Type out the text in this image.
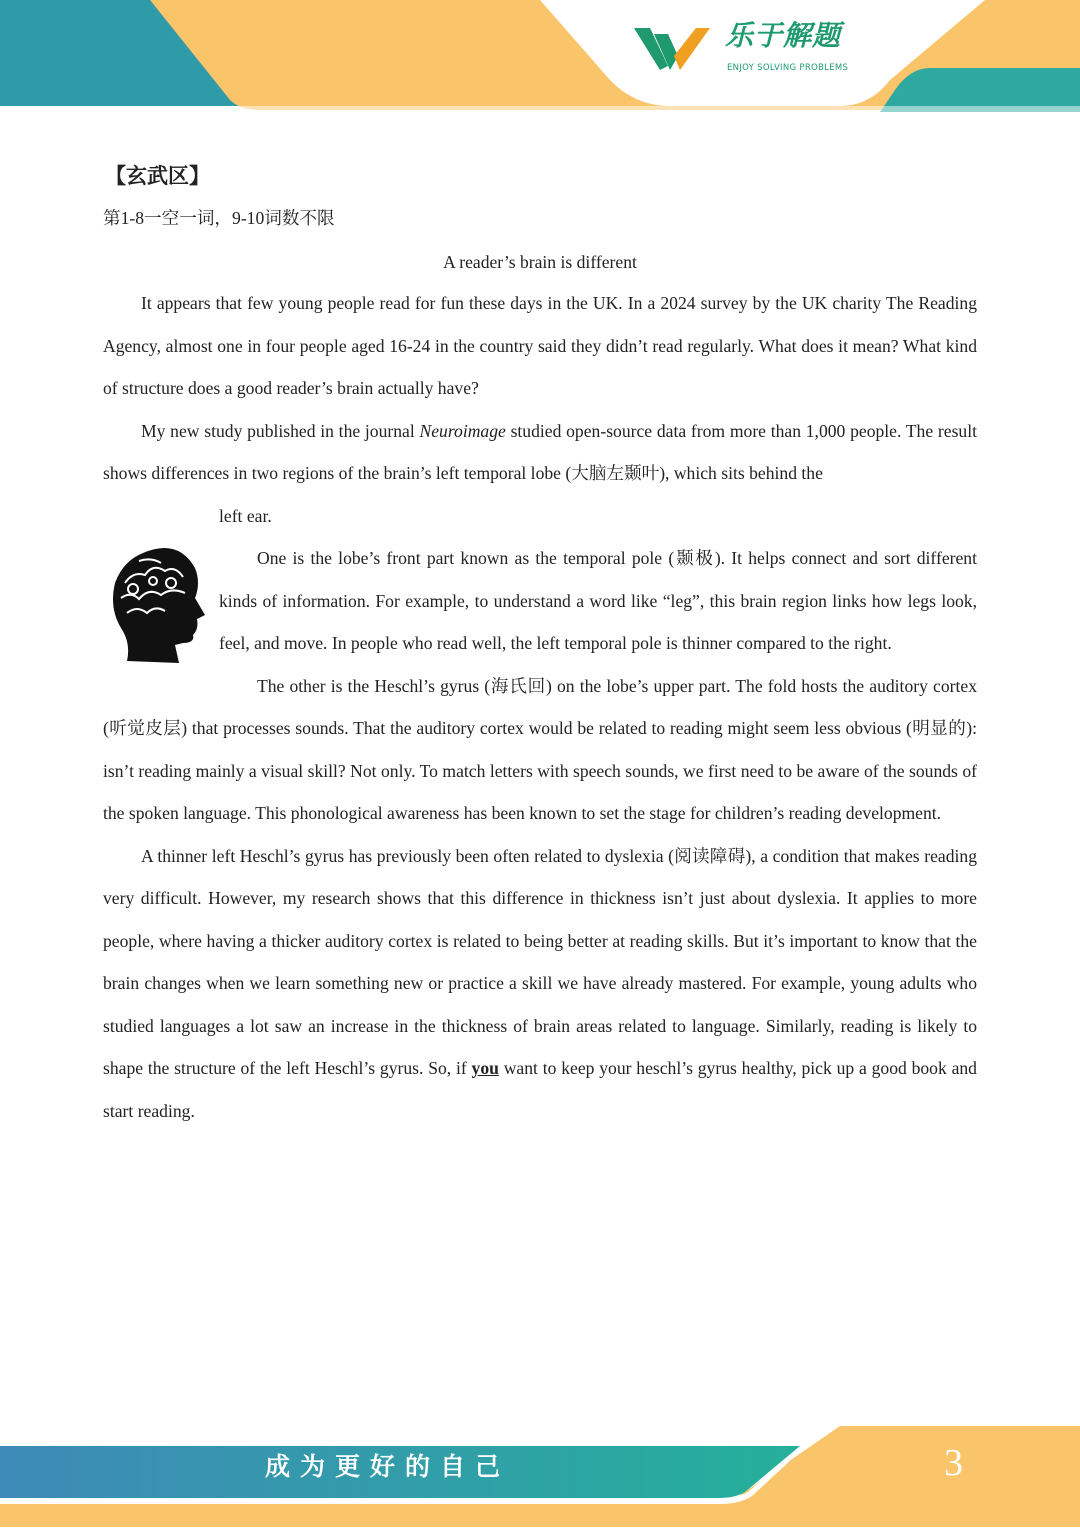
乐于解题
ENJOY SOLVING PROBLEMS
【玄武区】
第1-8一空一词，9-10词数不限
A reader’s brain is different

It appears that few young people read for fun these days in the UK. In a 2024 survey by the UK charity The Reading Agency, almost one in four people aged 16-24 in the country said they didn’t read regularly. What does it mean? What kind of structure does a good reader’s brain actually have?

My new study published in the journal Neuroimage studied open-source data from more than 1,000 people. The result shows differences in two regions of the brain’s left temporal lobe (大脑左颞叶), which sits behind the

left ear.

One is the lobe’s front part known as the temporal pole (颞极). It helps connect and sort different kinds of information. For example, to understand a word like “leg”, this brain region links how legs look, feel, and move. In people who read well, the left temporal pole is thinner compared to the right.

The other is the Heschl’s gyrus (海氏回) on the lobe’s upper part. The fold hosts the auditory cortex (听觉皮层) that processes sounds. That the auditory cortex would be related to reading might seem less obvious (明显的): isn’t reading mainly a visual skill? Not only. To match letters with speech sounds, we first need to be aware of the sounds of the spoken language. This phonological awareness has been known to set the stage for children’s reading development.

A thinner left Heschl’s gyrus has previously been often related to dyslexia (阅读障碍), a condition that makes reading very difficult. However, my research shows that this difference in thickness isn’t just about dyslexia. It applies to more people, where having a thicker auditory cortex is related to being better at reading skills. But it’s important to know that the brain changes when we learn something new or practice a skill we have already mastered. For example, young adults who studied languages a lot saw an increase in the thickness of brain areas related to language. Similarly, reading is likely to shape the structure of the left Heschl’s gyrus. So, if you want to keep your heschl’s gyrus healthy, pick up a good book and start reading.

成为更好的自己	3
